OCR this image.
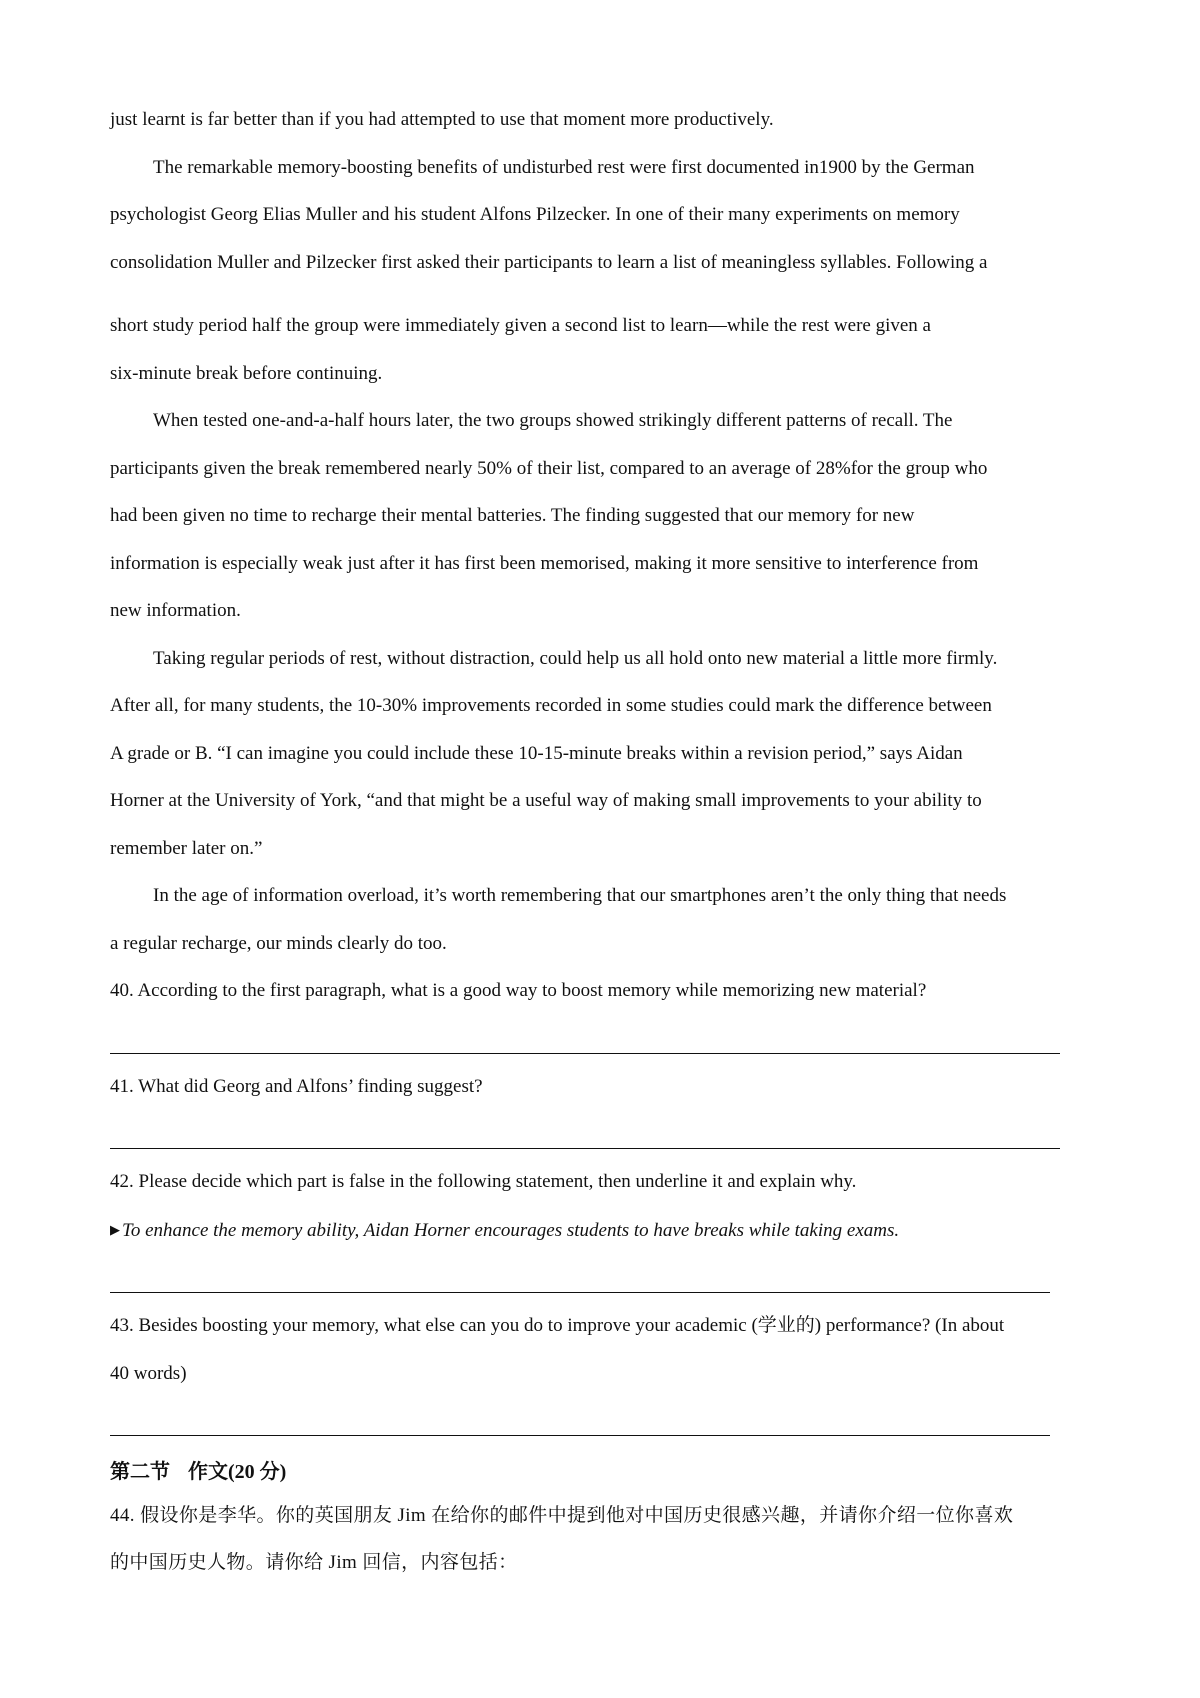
just learnt is far better than if you had attempted to use that moment more productively.
The remarkable memory-boosting benefits of undisturbed rest were first documented in1900 by the German
psychologist Georg Elias Muller and his student Alfons Pilzecker. In one of their many experiments on memory
consolidation Muller and Pilzecker first asked their participants to learn a list of meaningless syllables. Following a
short study period half the group were immediately given a second list to learn—while the rest were given a
six-minute break before continuing.
When tested one-and-a-half hours later, the two groups showed strikingly different patterns of recall. The
participants given the break remembered nearly 50% of their list, compared to an average of 28%for the group who
had been given no time to recharge their mental batteries. The finding suggested that our memory for new
information is especially weak just after it has first been memorised, making it more sensitive to interference from
new information.
Taking regular periods of rest, without distraction, could help us all hold onto new material a little more firmly.
After all, for many students, the 10-30% improvements recorded in some studies could mark the difference between
A grade or B. “I can imagine you could include these 10-15-minute breaks within a revision period,” says Aidan
Horner at the University of York, “and that might be a useful way of making small improvements to your ability to
remember later on.”
In the age of information overload, it’s worth remembering that our smartphones aren’t the only thing that needs
a regular recharge, our minds clearly do too.
40. According to the first paragraph, what is a good way to boost memory while memorizing new material?
41. What did Georg and Alfons’ finding suggest?
42. Please decide which part is false in the following statement, then underline it and explain why.
▶ To enhance the memory ability, Aidan Horner encourages students to have breaks while taking exams.
43. Besides boosting your memory, what else can you do to improve your academic (学业的) performance? (In about
40 words)
第二节 作文(20 分)
44. 假设你是李华。你的英国朋友 Jim 在给你的邮件中提到他对中国历史很感兴趣，并请你介绍一位你喜欢
的中国历史人物。请你给 Jim 回信，内容包括：
